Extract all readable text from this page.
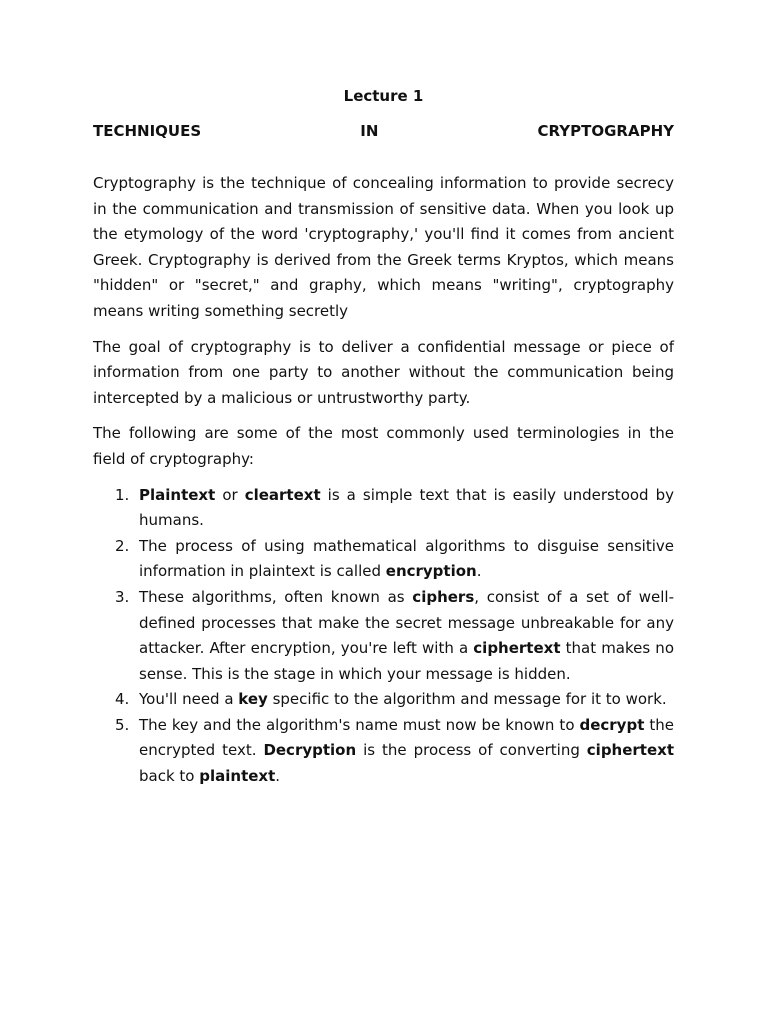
Lecture 1

TECHNIQUES	IN	CRYPTOGRAPHY

Cryptography is the technique of concealing information to provide secrecy in the communication and transmission of sensitive data. When you look up the etymology of the word 'cryptography,' you'll find it comes from ancient Greek. Cryptography is derived from the Greek terms Kryptos, which means "hidden" or "secret," and graphy, which means "writing", cryptography means writing something secretly

The goal of cryptography is to deliver a confidential message or piece of information from one party to another without the communication being intercepted by a malicious or untrustworthy party.

The following are some of the most commonly used terminologies in the field of cryptography:

1. Plaintext or cleartext is a simple text that is easily understood by humans.
2. The process of using mathematical algorithms to disguise sensitive information in plaintext is called encryption.
3. These algorithms, often known as ciphers, consist of a set of well-defined processes that make the secret message unbreakable for any attacker. After encryption, you're left with a ciphertext that makes no sense. This is the stage in which your message is hidden.
4. You'll need a key specific to the algorithm and message for it to work.
5. The key and the algorithm's name must now be known to decrypt the encrypted text. Decryption is the process of converting ciphertext back to plaintext.
